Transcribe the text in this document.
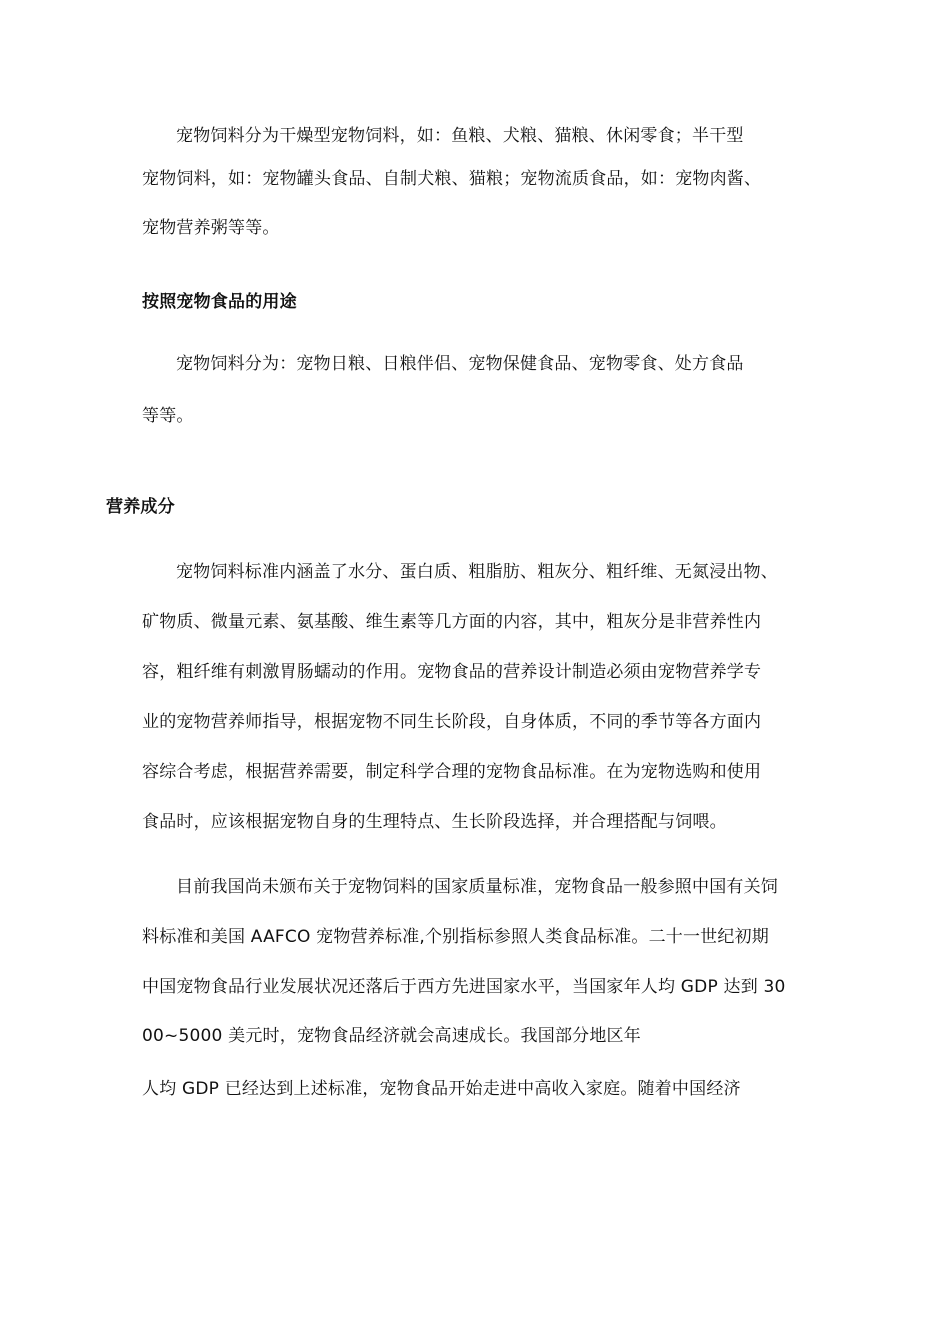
宠物饲料分为干燥型宠物饲料，如：鱼粮、犬粮、猫粮、休闲零食；半干型
宠物饲料，如：宠物罐头食品、自制犬粮、猫粮；宠物流质食品，如：宠物肉酱、
宠物营养粥等等。
按照宠物食品的用途
宠物饲料分为：宠物日粮、日粮伴侣、宠物保健食品、宠物零食、处方食品
等等。
营养成分
宠物饲料标准内涵盖了水分、蛋白质、粗脂肪、粗灰分、粗纤维、无氮浸出物、
矿物质、微量元素、氨基酸、维生素等几方面的内容，其中，粗灰分是非营养性内
容，粗纤维有刺激胃肠蠕动的作用。宠物食品的营养设计制造必须由宠物营养学专
业的宠物营养师指导，根据宠物不同生长阶段，自身体质，不同的季节等各方面内
容综合考虑，根据营养需要，制定科学合理的宠物食品标准。在为宠物选购和使用
食品时，应该根据宠物自身的生理特点、生长阶段选择，并合理搭配与饲喂。
目前我国尚未颁布关于宠物饲料的国家质量标准，宠物食品一般参照中国有关饲
料标准和美国 AAFCO 宠物营养标准,个别指标参照人类食品标准。二十一世纪初期
中国宠物食品行业发展状况还落后于西方先进国家水平，当国家年人均 GDP 达到 30
00~5000 美元时，宠物食品经济就会高速成长。我国部分地区年
人均 GDP 已经达到上述标准，宠物食品开始走进中高收入家庭。随着中国经济
